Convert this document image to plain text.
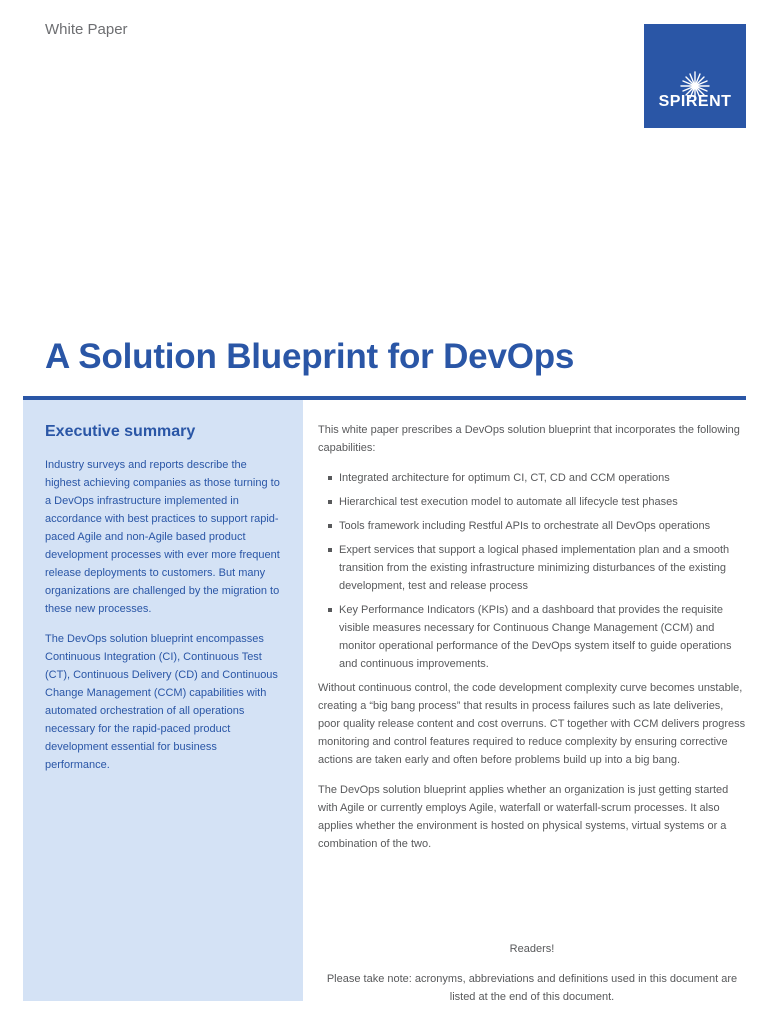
White Paper
SPIRENT
A Solution Blueprint for DevOps
Executive summary

Industry surveys and reports describe the highest achieving companies as those turning to a DevOps infrastructure implemented in accordance with best practices to support rapid-paced Agile and non-Agile based product development processes with ever more frequent release deployments to customers. But many organizations are challenged by the migration to these new processes.

The DevOps solution blueprint encompasses Continuous Integration (CI), Continuous Test (CT), Continuous Delivery (CD) and Continuous Change Management (CCM) capabilities with automated orchestration of all operations necessary for the rapid-paced product development essential for business performance.

This white paper prescribes a DevOps solution blueprint that incorporates the following capabilities:

Integrated architecture for optimum CI, CT, CD and CCM operations
Hierarchical test execution model to automate all lifecycle test phases
Tools framework including Restful APIs to orchestrate all DevOps operations
Expert services that support a logical phased implementation plan and a smooth transition from the existing infrastructure minimizing disturbances of the existing development, test and release process
Key Performance Indicators (KPIs) and a dashboard that provides the requisite visible measures necessary for Continuous Change Management (CCM) and monitor operational performance of the DevOps system itself to guide operations and continuous improvements.

Without continuous control, the code development complexity curve becomes unstable, creating a “big bang process” that results in process failures such as late deliveries, poor quality release content and cost overruns. CT together with CCM delivers progress monitoring and control features required to reduce complexity by ensuring corrective actions are taken early and often before problems build up into a big bang.

The DevOps solution blueprint applies whether an organization is just getting started with Agile or currently employs Agile, waterfall or waterfall-scrum processes. It also applies whether the environment is hosted on physical systems, virtual systems or a combination of the two.

Readers!

Please take note: acronyms, abbreviations and definitions used in this document are listed at the end of this document.
